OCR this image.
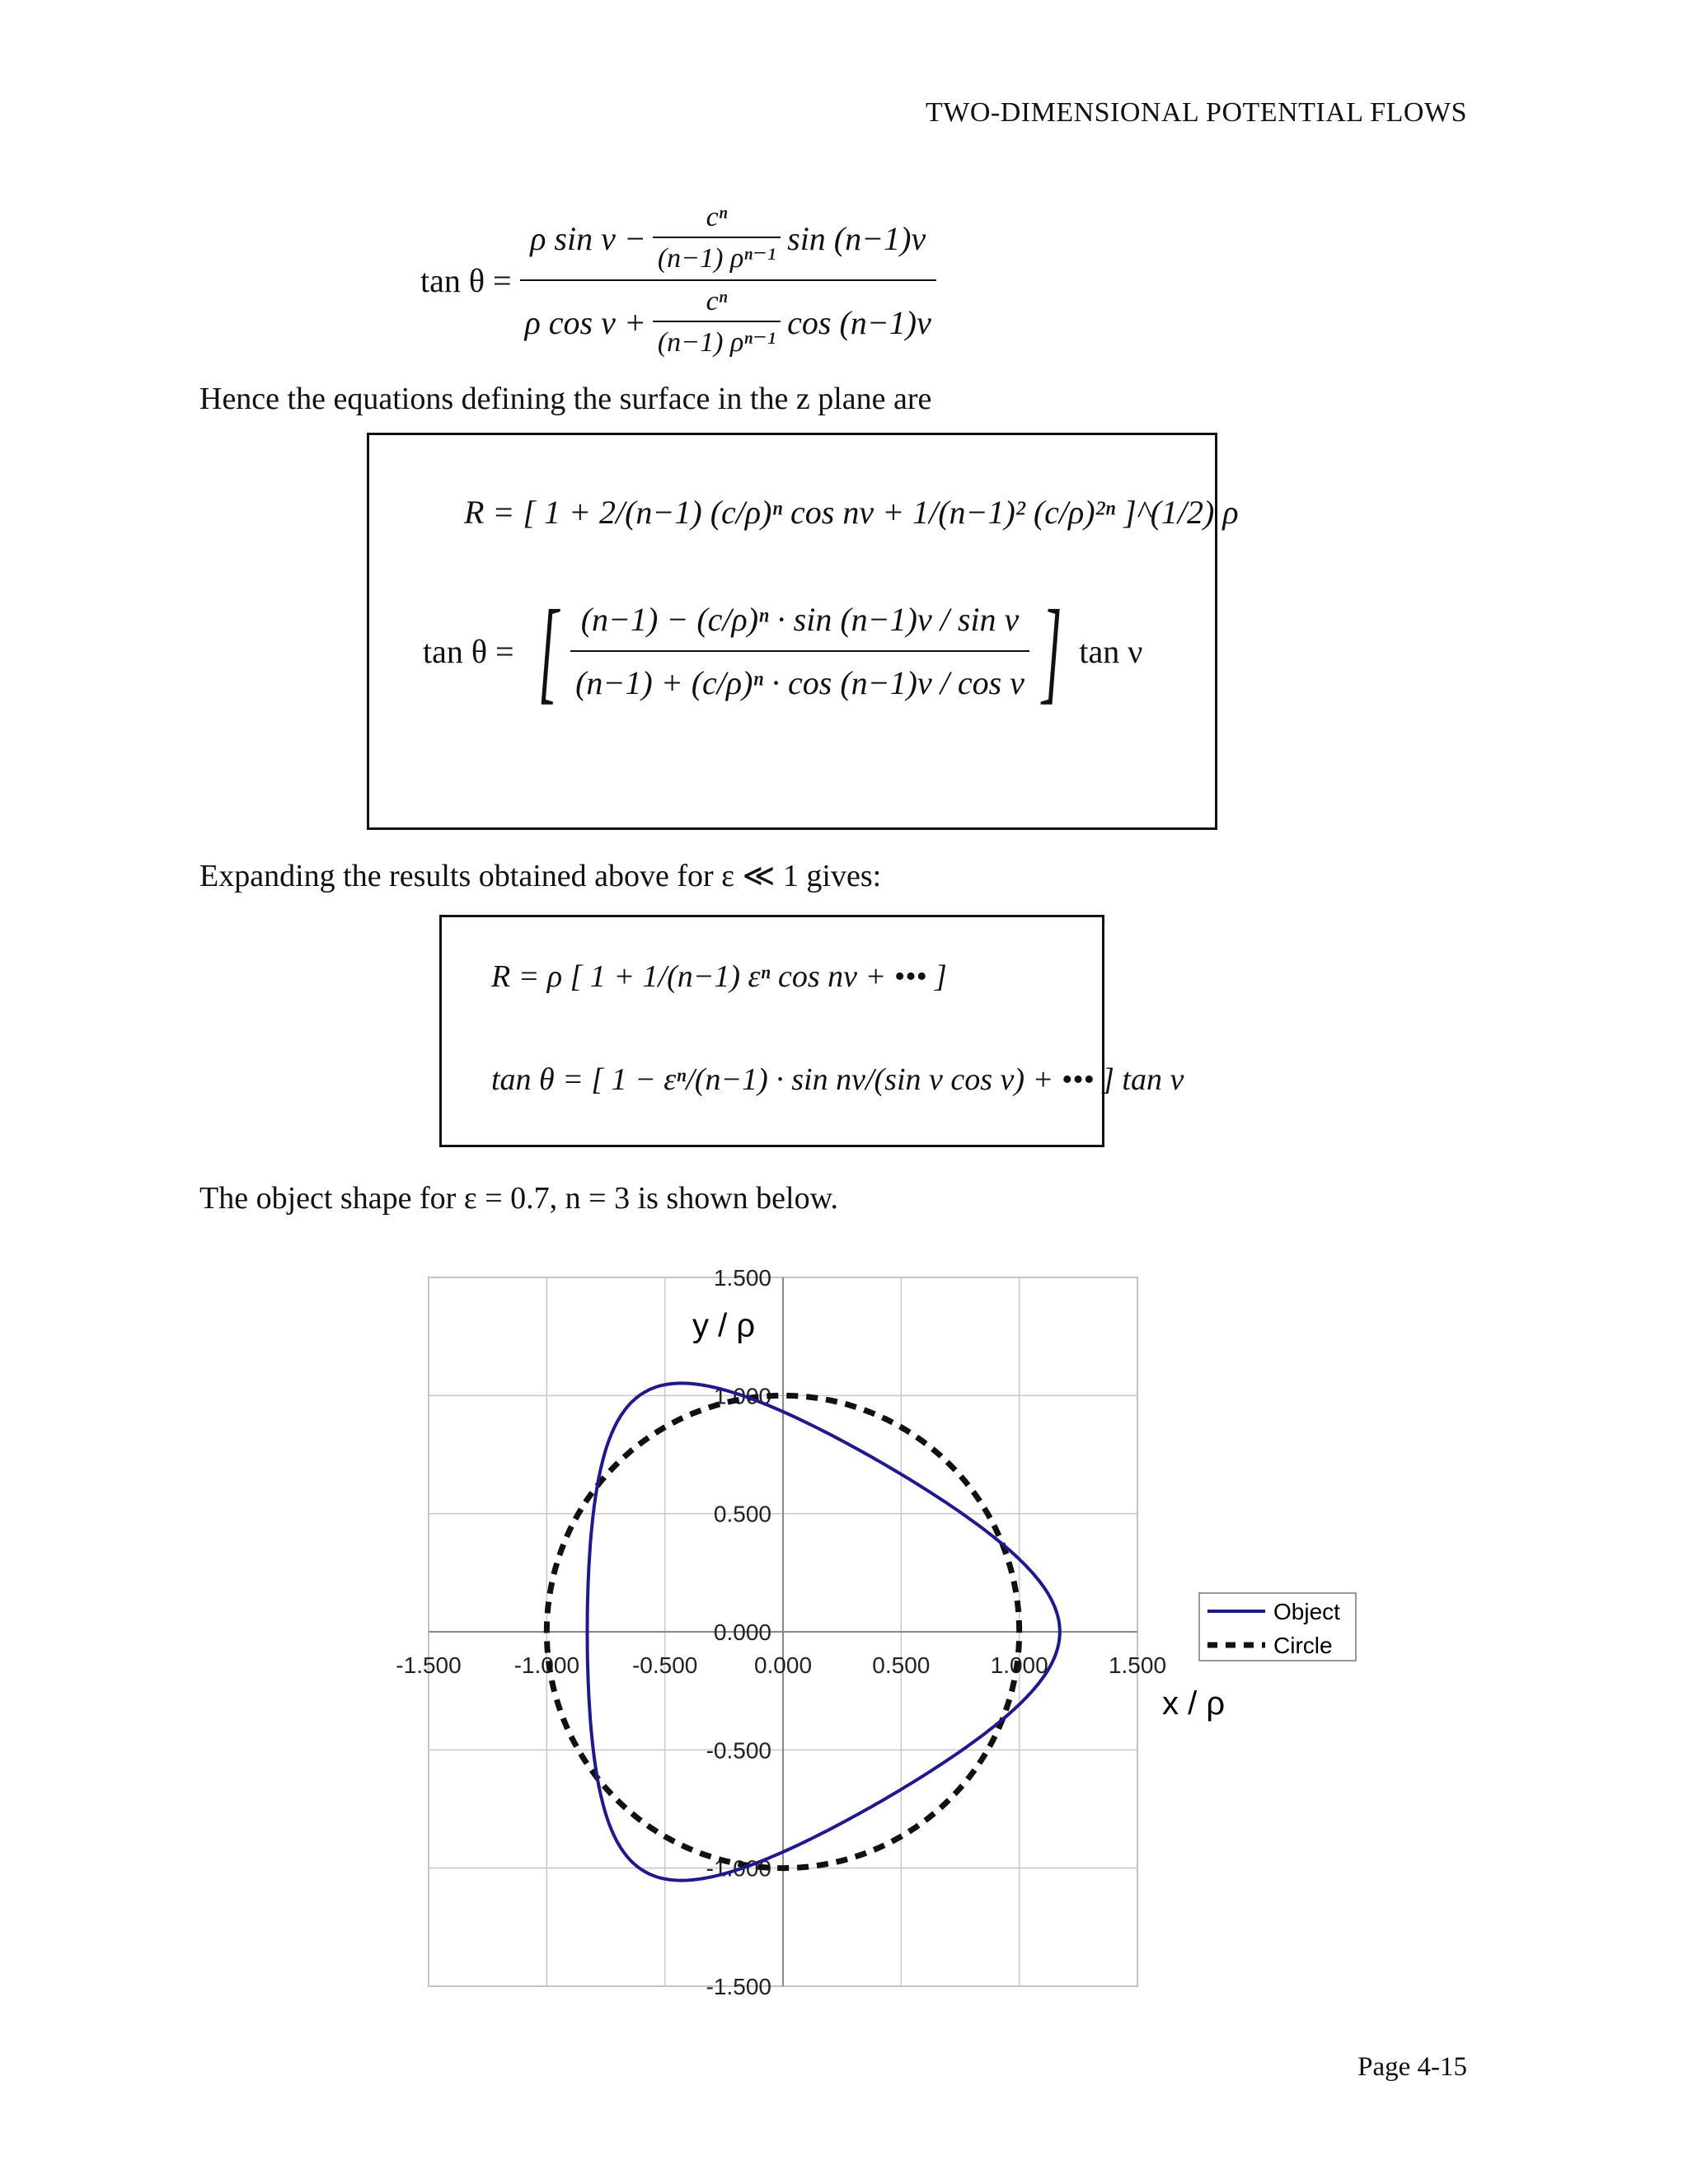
TWO-DIMENSIONAL POTENTIAL FLOWS
tan θ =
ρ $\sin \nu - \frac{\text{cⁿ}}{\text{(n−1) ρⁿ⁻¹}}$ sin (n−1)ν
ρ $\cos \nu + \frac{\text{cⁿ}}{\text{(n−1) ρⁿ⁻¹}}$ cos (n−1)ν
Hence the equations defining the surface in the z plane are
R = [ 1 + 2/(n−1) (c/ρ)ⁿ cos nν + 1/(n−1)² (c/ρ)²ⁿ ]^(1/2) ρ
tan θ = [ $\frac{\text{(n−1) − (c/ρ)ⁿ · sin (n−1)ν / sin ν}}{\text{(n−1) + (c/ρ)ⁿ · cos (n−1)ν / cos ν}}$ ] tan ν
Expanding the results obtained above for ε ≪ 1 gives:
R = ρ [ 1 + 1/(n−1) εⁿ cos nν + ••• ]
tan θ = [ 1 − εⁿ/(n−1) · sin nν/(sin ν cos ν) + ••• ] tan ν
The object shape for ε = 0.7, n = 3 is shown below.
-1.500 -1.000 -0.500 0.000	0.500	1.000	1.500
1.500
1.000
0.500
0.000
-0.500
-1.000
-1.500
y / ρ
x / ρ
Object
Circle
Page 4-15
